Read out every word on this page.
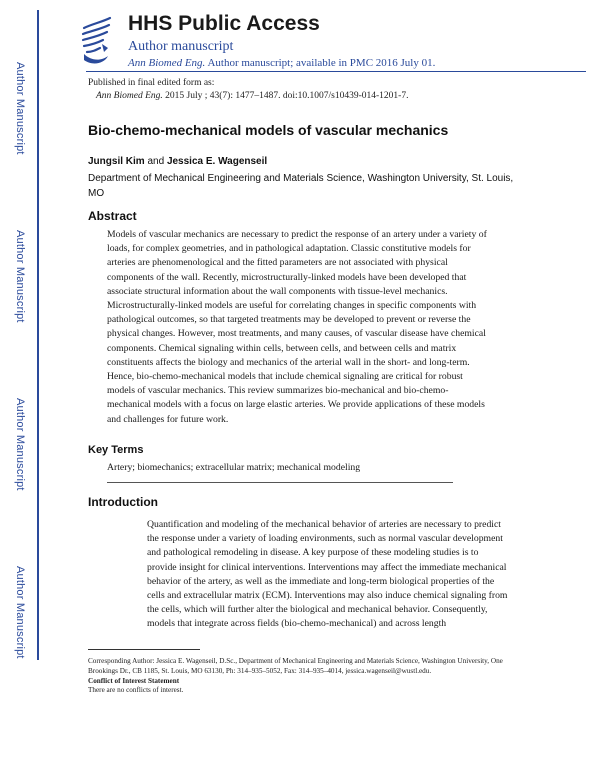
Author Manuscript
Author Manuscript
Author Manuscript
Author Manuscript
HHS Public Access
Author manuscript
Ann Biomed Eng. Author manuscript; available in PMC 2016 July 01.
Published in final edited form as:
Ann Biomed Eng. 2015 July ; 43(7): 1477–1487. doi:10.1007/s10439-014-1201-7.
Bio-chemo-mechanical models of vascular mechanics
Jungsil Kim and Jessica E. Wagenseil
Department of Mechanical Engineering and Materials Science, Washington University, St. Louis, MO
Abstract
Models of vascular mechanics are necessary to predict the response of an artery under a variety of loads, for complex geometries, and in pathological adaptation. Classic constitutive models for arteries are phenomenological and the fitted parameters are not associated with physical components of the wall. Recently, microstructurally-linked models have been developed that associate structural information about the wall components with tissue-level mechanics. Microstructurally-linked models are useful for correlating changes in specific components with pathological outcomes, so that targeted treatments may be developed to prevent or reverse the physical changes. However, most treatments, and many causes, of vascular disease have chemical components. Chemical signaling within cells, between cells, and between cells and matrix constituents affects the biology and mechanics of the arterial wall in the short- and long-term. Hence, bio-chemo-mechanical models that include chemical signaling are critical for robust models of vascular mechanics. This review summarizes bio-mechanical and bio-chemo-mechanical models with a focus on large elastic arteries. We provide applications of these models and challenges for future work.
Key Terms
Artery; biomechanics; extracellular matrix; mechanical modeling
Introduction
Quantification and modeling of the mechanical behavior of arteries are necessary to predict the response under a variety of loading environments, such as normal vascular development and pathological remodeling in disease. A key purpose of these modeling studies is to provide insight for clinical interventions. Interventions may affect the immediate mechanical behavior of the artery, as well as the immediate and long-term biological properties of the cells and extracellular matrix (ECM). Interventions may also induce chemical signaling from the cells, which will further alter the biological and mechanical behavior. Consequently, models that integrate across fields (bio-chemo-mechanical) and across length
Corresponding Author: Jessica E. Wagenseil, D.Sc., Department of Mechanical Engineering and Materials Science, Washington University, One Brookings Dr., CB 1185, St. Louis, MO 63130, Ph: 314–935–5052, Fax: 314–935–4014, jessica.wagenseil@wustl.edu.
Conflict of Interest Statement
There are no conflicts of interest.
